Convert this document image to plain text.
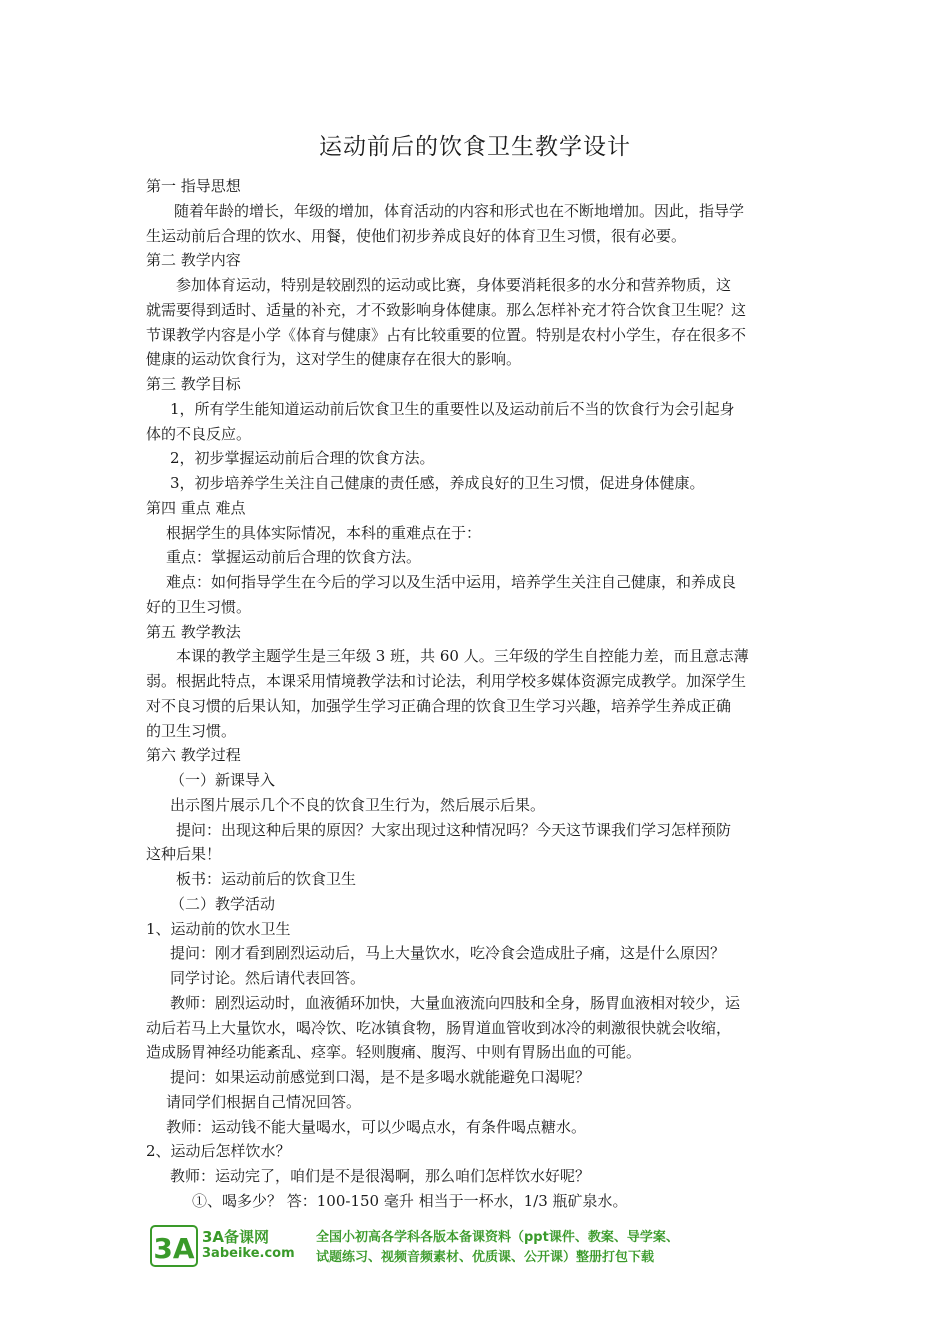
运动前后的饮食卫生教学设计
第一 指导思想
随着年龄的增长，年级的增加，体育活动的内容和形式也在不断地增加。因此，指导学
生运动前后合理的饮水、用餐，使他们初步养成良好的体育卫生习惯，很有必要。
第二 教学内容
参加体育运动，特别是较剧烈的运动或比赛，身体要消耗很多的水分和营养物质，这
就需要得到适时、适量的补充，才不致影响身体健康。那么怎样补充才符合饮食卫生呢？这
节课教学内容是小学《体育与健康》占有比较重要的位置。特别是农村小学生，存在很多不
健康的运动饮食行为，这对学生的健康存在很大的影响。
第三 教学目标
1，所有学生能知道运动前后饮食卫生的重要性以及运动前后不当的饮食行为会引起身
体的不良反应。
2，初步掌握运动前后合理的饮食方法。
3，初步培养学生关注自己健康的责任感，养成良好的卫生习惯，促进身体健康。
第四 重点 难点
根据学生的具体实际情况，本科的重难点在于：
重点：掌握运动前后合理的饮食方法。
难点：如何指导学生在今后的学习以及生活中运用，培养学生关注自己健康，和养成良
好的卫生习惯。
第五 教学教法
本课的教学主题学生是三年级 3 班，共 60 人。三年级的学生自控能力差，而且意志薄
弱。根据此特点，本课采用情境教学法和讨论法，利用学校多媒体资源完成教学。加深学生
对不良习惯的后果认知，加强学生学习正确合理的饮食卫生学习兴趣，培养学生养成正确
的卫生习惯。
第六 教学过程
（一）新课导入
出示图片展示几个不良的饮食卫生行为，然后展示后果。
提问：出现这种后果的原因？大家出现过这种情况吗？今天这节课我们学习怎样预防
这种后果！
板书：运动前后的饮食卫生
（二）教学活动
1、运动前的饮水卫生
提问：刚才看到剧烈运动后，马上大量饮水，吃冷食会造成肚子痛，这是什么原因？
同学讨论。然后请代表回答。
教师：剧烈运动时，血液循环加快，大量血液流向四肢和全身，肠胃血液相对较少，运
动后若马上大量饮水，喝冷饮、吃冰镇食物，肠胃道血管收到冰冷的刺激很快就会收缩，
造成肠胃神经功能紊乱、痉挛。轻则腹痛、腹泻、中则有胃肠出血的可能。
提问：如果运动前感觉到口渴，是不是多喝水就能避免口渴呢？
请同学们根据自己情况回答。
教师：运动钱不能大量喝水，可以少喝点水，有条件喝点糖水。
2、运动后怎样饮水？
教师：运动完了，咱们是不是很渴啊，那么咱们怎样饮水好呢？
①、喝多少？ 答：100-150 毫升 相当于一杯水，1/3 瓶矿泉水。
3A 3A备课网
3abeike.com
全国小初高各学科各版本备课资料（ppt课件、教案、导学案、
试题练习、视频音频素材、优质课、公开课）整册打包下载
